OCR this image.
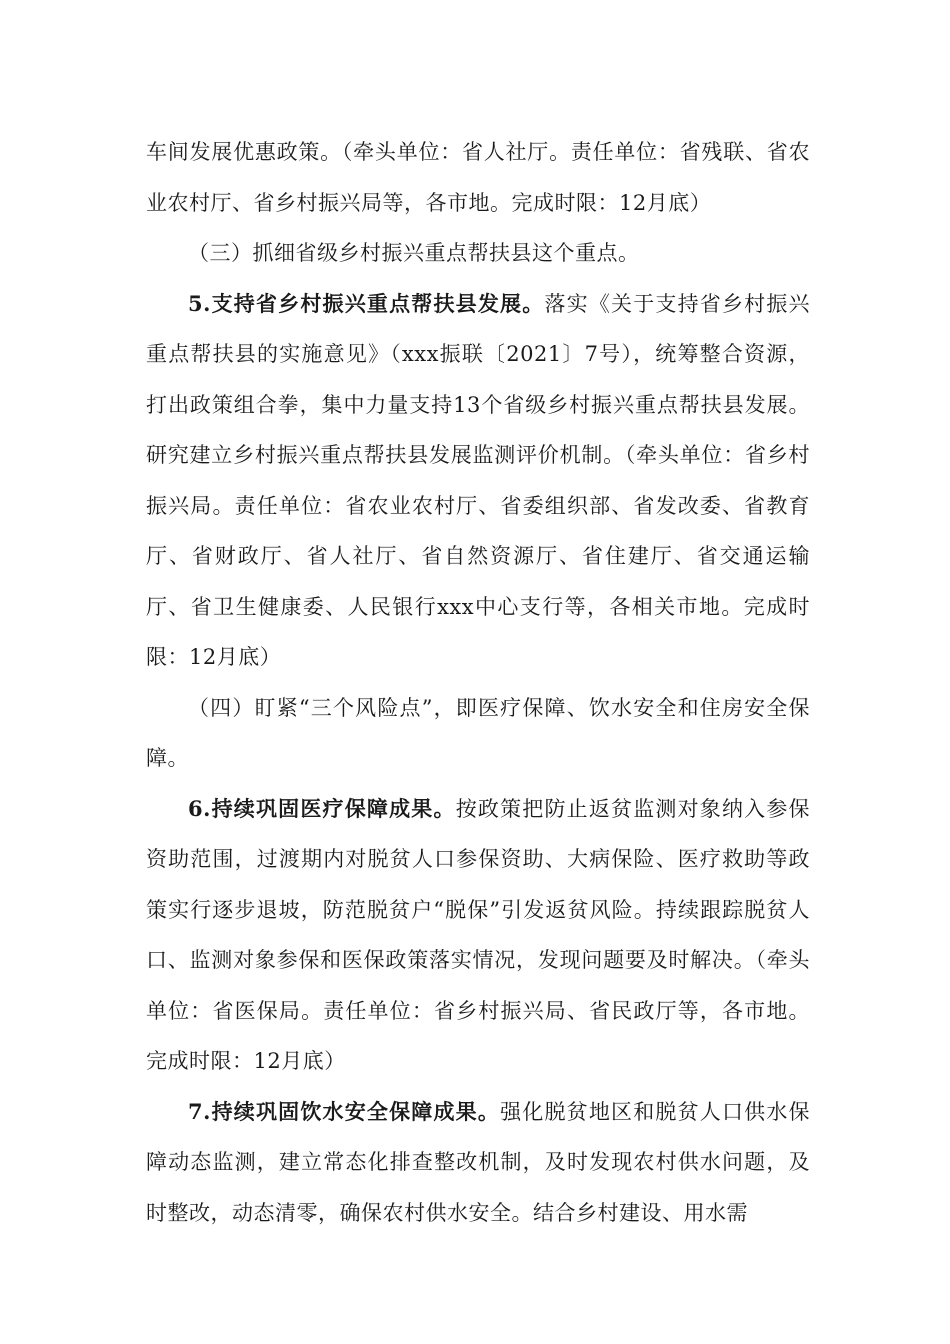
车间发展优惠政策。（牵头单位：省人社厅。责任单位：省残联、省农业农村厅、省乡村振兴局等，各市地。完成时限：12月底）

（三）抓细省级乡村振兴重点帮扶县这个重点。

5.支持省乡村振兴重点帮扶县发展。落实《关于支持省乡村振兴重点帮扶县的实施意见》（xxx振联〔2021〕7号），统筹整合资源，打出政策组合拳，集中力量支持13个省级乡村振兴重点帮扶县发展。研究建立乡村振兴重点帮扶县发展监测评价机制。（牵头单位：省乡村振兴局。责任单位：省农业农村厅、省委组织部、省发改委、省教育厅、省财政厅、省人社厅、省自然资源厅、省住建厅、省交通运输厅、省卫生健康委、人民银行xxx中心支行等，各相关市地。完成时限：12月底）

（四）盯紧“三个风险点”，即医疗保障、饮水安全和住房安全保障。

6.持续巩固医疗保障成果。按政策把防止返贫监测对象纳入参保资助范围，过渡期内对脱贫人口参保资助、大病保险、医疗救助等政策实行逐步退坡，防范脱贫户“脱保”引发返贫风险。持续跟踪脱贫人口、监测对象参保和医保政策落实情况，发现问题要及时解决。（牵头单位：省医保局。责任单位：省乡村振兴局、省民政厅等，各市地。完成时限：12月底）

7.持续巩固饮水安全保障成果。强化脱贫地区和脱贫人口供水保障动态监测，建立常态化排查整改机制，及时发现农村供水问题，及时整改，动态清零，确保农村供水安全。结合乡村建设、用水需
